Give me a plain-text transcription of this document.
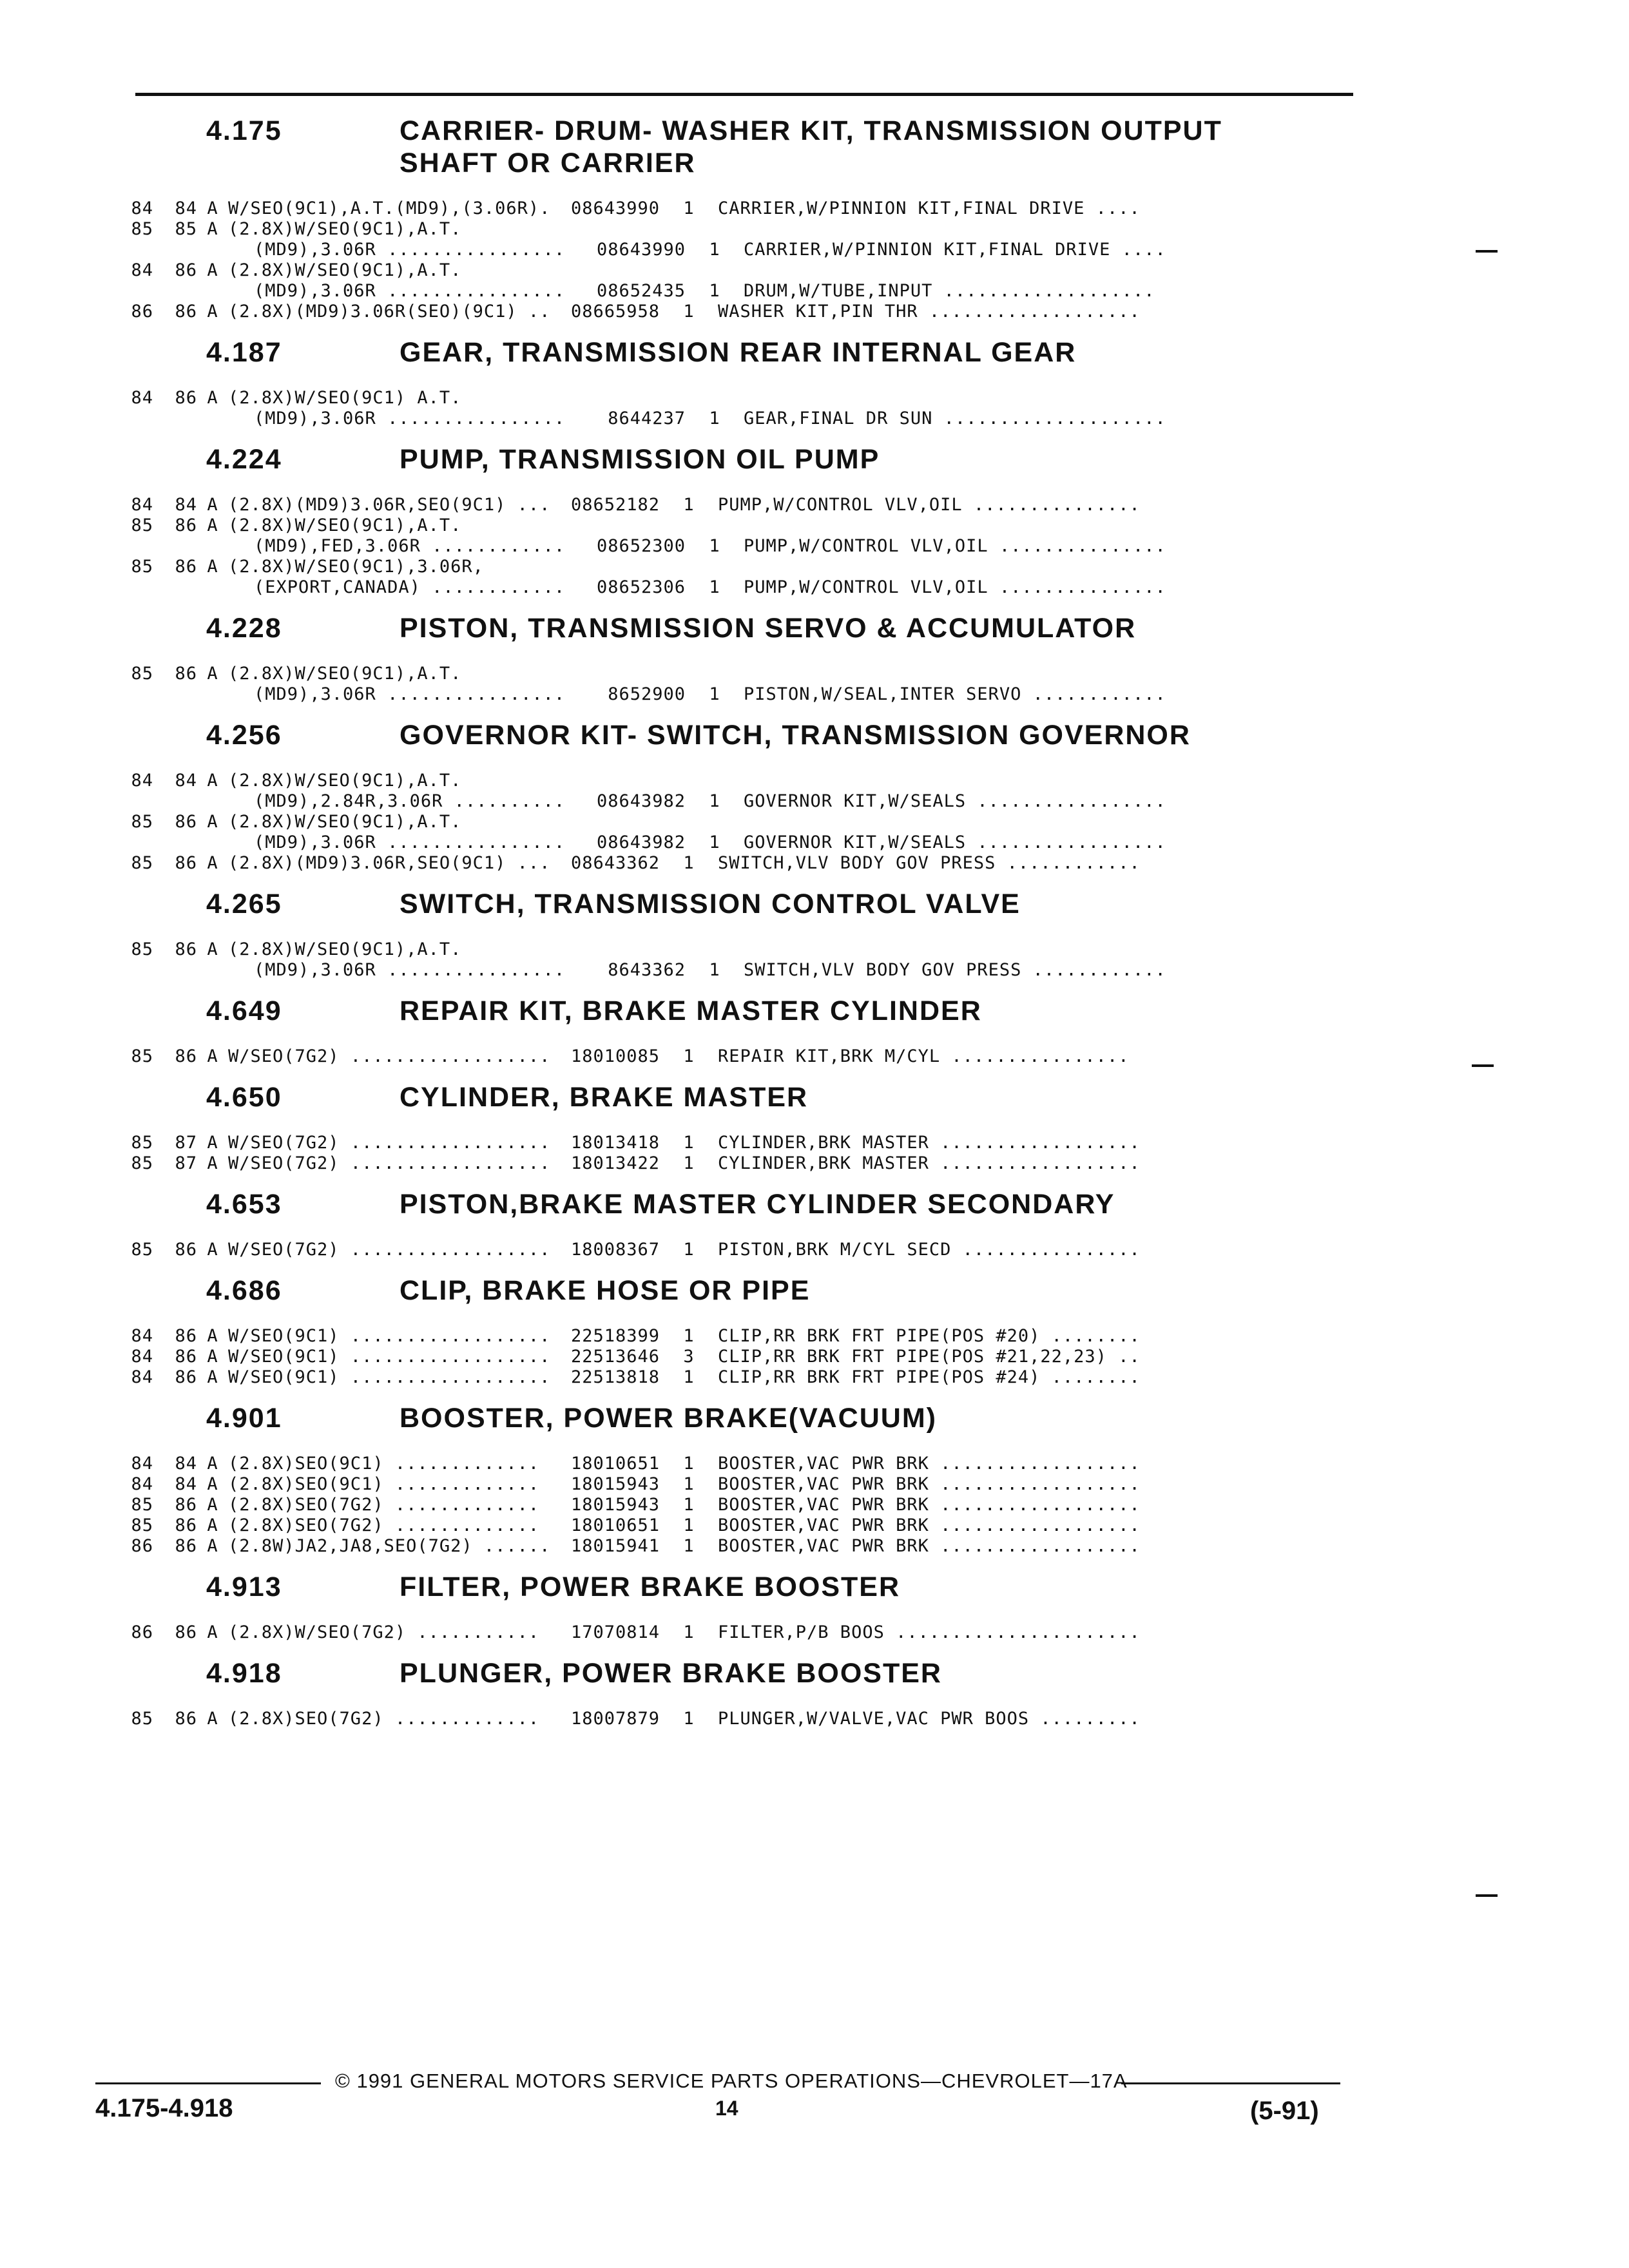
4.175	CARRIER- DRUM- WASHER KIT, TRANSMISSION OUTPUT SHAFT OR CARRIER
84	84 A W/SEO(9C1),A.T.(MD9),(3.06R).	08643990	1	CARRIER,W/PINNION KIT,FINAL DRIVE ....
85	85 A (2.8X)W/SEO(9C1),A.T.
(MD9),3.06R ................	08643990	1	CARRIER,W/PINNION KIT,FINAL DRIVE ....
84	86 A (2.8X)W/SEO(9C1),A.T.
(MD9),3.06R ................	08652435	1	DRUM,W/TUBE,INPUT ...................
86	86 A (2.8X)(MD9)3.06R(SEO)(9C1) ..	08665958	1	WASHER KIT,PIN THR ...................
4.187	GEAR, TRANSMISSION REAR INTERNAL GEAR
84	86 A (2.8X)W/SEO(9C1) A.T.
(MD9),3.06R ................	8644237	1	GEAR,FINAL DR SUN ....................
4.224	PUMP, TRANSMISSION OIL PUMP
84	84 A (2.8X)(MD9)3.06R,SEO(9C1) ...	08652182	1	PUMP,W/CONTROL VLV,OIL ...............
85	86 A (2.8X)W/SEO(9C1),A.T.
(MD9),FED,3.06R ............	08652300	1	PUMP,W/CONTROL VLV,OIL ...............
85	86 A (2.8X)W/SEO(9C1),3.06R,
(EXPORT,CANADA) ............	08652306	1	PUMP,W/CONTROL VLV,OIL ...............
4.228	PISTON, TRANSMISSION SERVO & ACCUMULATOR
85	86 A (2.8X)W/SEO(9C1),A.T.
(MD9),3.06R ................	8652900	1	PISTON,W/SEAL,INTER SERVO ............
4.256	GOVERNOR KIT- SWITCH, TRANSMISSION GOVERNOR
84	84 A (2.8X)W/SEO(9C1),A.T.
(MD9),2.84R,3.06R ..........	08643982	1	GOVERNOR KIT,W/SEALS .................
85	86 A (2.8X)W/SEO(9C1),A.T.
(MD9),3.06R ................	08643982	1	GOVERNOR KIT,W/SEALS .................
85	86 A (2.8X)(MD9)3.06R,SEO(9C1) ...	08643362	1	SWITCH,VLV BODY GOV PRESS ............
4.265	SWITCH, TRANSMISSION CONTROL VALVE
85	86 A (2.8X)W/SEO(9C1),A.T.
(MD9),3.06R ................	8643362	1	SWITCH,VLV BODY GOV PRESS ............
4.649	REPAIR KIT, BRAKE MASTER CYLINDER
85	86 A W/SEO(7G2) ..................	18010085	1	REPAIR KIT,BRK M/CYL ................
4.650	CYLINDER, BRAKE MASTER
85	87 A W/SEO(7G2) ..................	18013418	1	CYLINDER,BRK MASTER ..................
85	87 A W/SEO(7G2) ..................	18013422	1	CYLINDER,BRK MASTER ..................
4.653	PISTON,BRAKE MASTER CYLINDER SECONDARY
85	86 A W/SEO(7G2) ..................	18008367	1	PISTON,BRK M/CYL SECD ................
4.686	CLIP, BRAKE HOSE OR PIPE
84	86 A W/SEO(9C1) ..................	22518399	1	CLIP,RR BRK FRT PIPE(POS #20) ........
84	86 A W/SEO(9C1) ..................	22513646	3	CLIP,RR BRK FRT PIPE(POS #21,22,23) ..
84	86 A W/SEO(9C1) ..................	22513818	1	CLIP,RR BRK FRT PIPE(POS #24) ........
4.901	BOOSTER, POWER BRAKE(VACUUM)
84	84 A (2.8X)SEO(9C1) .............	18010651	1	BOOSTER,VAC PWR BRK ..................
84	84 A (2.8X)SEO(9C1) .............	18015943	1	BOOSTER,VAC PWR BRK ..................
85	86 A (2.8X)SEO(7G2) .............	18015943	1	BOOSTER,VAC PWR BRK ..................
85	86 A (2.8X)SEO(7G2) .............	18010651	1	BOOSTER,VAC PWR BRK ..................
86	86 A (2.8W)JA2,JA8,SEO(7G2) ......	18015941	1	BOOSTER,VAC PWR BRK ..................
4.913	FILTER, POWER BRAKE BOOSTER
86	86 A (2.8X)W/SEO(7G2) ...........	17070814	1	FILTER,P/B BOOS ......................
4.918	PLUNGER, POWER BRAKE BOOSTER
85	86 A (2.8X)SEO(7G2) .............	18007879	1	PLUNGER,W/VALVE,VAC PWR BOOS .........
© 1991 GENERAL MOTORS SERVICE PARTS OPERATIONS—CHEVROLET—17A
4.175-4.918	14	(5-91)
